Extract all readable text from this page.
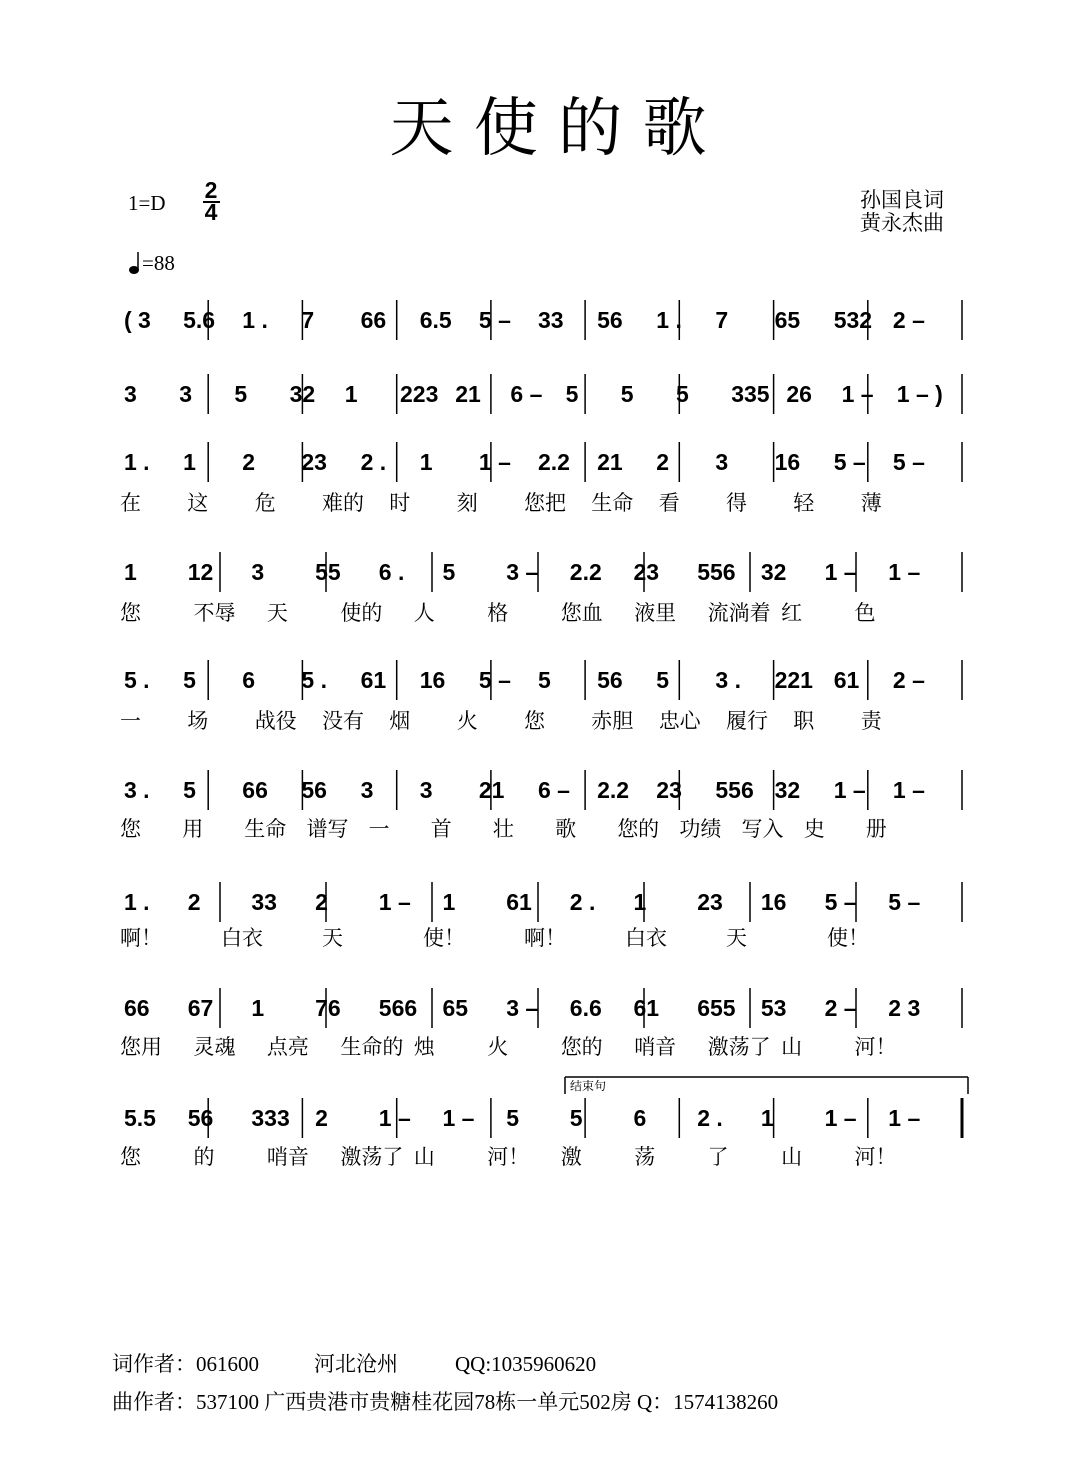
天 使 的 歌
1=D 2
4
=88
孙国良词
黄永杰曲
( 3 5.6 1 . 7 66 6.5 5 – 33 56 1 . 7 65 532 2 –
3 3 5 32 1 223 21 6 – 5 5 5 335 26 1 – 1 – )
1 . 1 2 23 2 . 1 1 – 2.2 21 2 3 16 5 – 5 –
在 这 危 难的 时 刻 您把 生命 看 得 轻 薄
1 12 3 55 6 . 5 3 – 2.2 23 556 32 1 – 1 –
您	不辱 天	使的 人	格 您血 液里 流淌着 红 色
5 . 5 6 5 . 61 16 5 – 5 56 5 3 . 221 61 2 –
一 场 战役 没有 烟 火 您 赤胆 忠心 履行 职 责
3 . 5 66 56 3 3 21 6 – 2.2 23 556 32 1 – 1 –
您 用 生命 谱写 一 首 壮 歌 您的 功绩 写入 史 册
1 . 2 33 2 1 – 1 61 2 . 1 23 16 5 – 5 –
啊！	白衣	天	使！	啊！	白衣	天	使！
66 67 1 76 566 65 3 – 6.6 61 655 53 2 – 2 3
您用 灵魂 点亮 生命的 烛	火 您的 哨音 激荡了 山 河！
5.5 56 333 2 1 – 1 – 5 5 6 2 . 1 1 – 1 –
您	的 哨音 激荡了 山	河！ 激	荡 了	山 河！
结束句
词作者：061600	河北沧州	QQ:1035960620
曲作者：537100 广西贵港市贵糖桂花园78栋一单元502房 Q：1574138260
